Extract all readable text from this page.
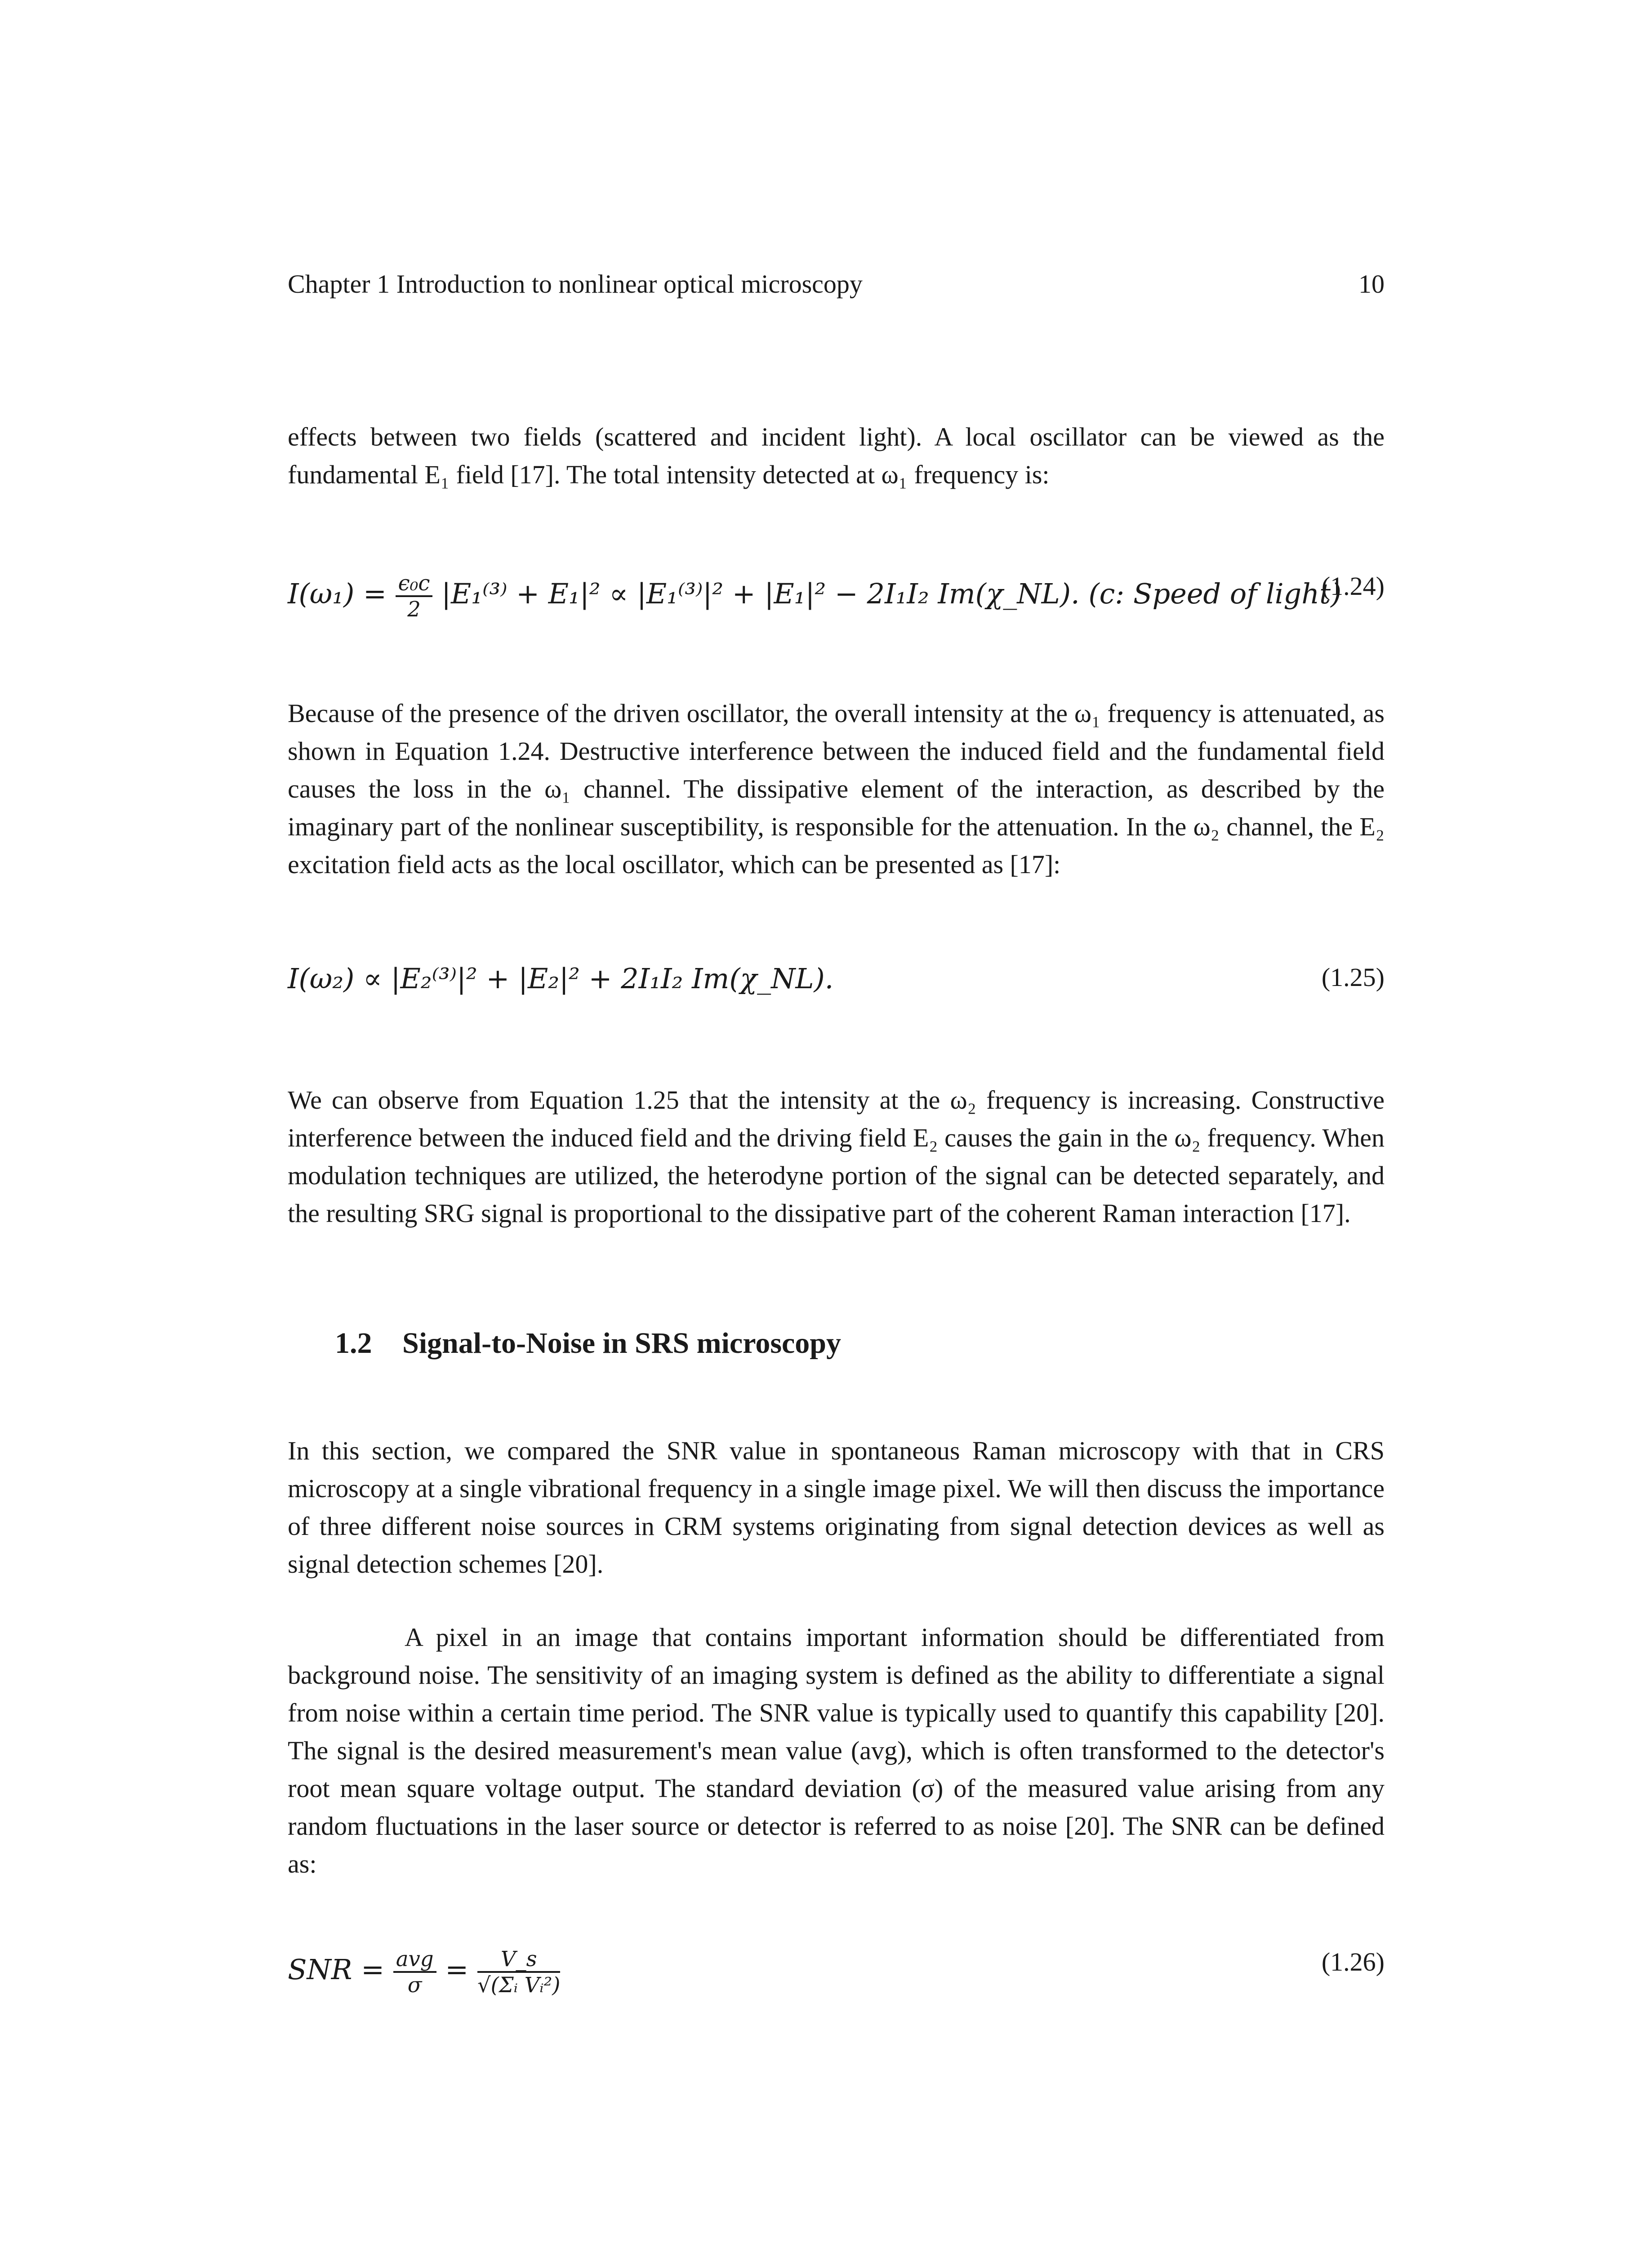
Chapter 1 Introduction to nonlinear optical microscopy	10

effects between two fields (scattered and incident light). A local oscillator can be viewed as the fundamental E₁ field [17]. The total intensity detected at ω₁ frequency is:

$I(\omega_1) = \frac{\text{ϵ₀c}}{2} |E_1^{(3)} + E_1|^2 \propto |E_1^{(3)}|^2 + |E_1|^2 - 2I_1I_2$ Im(χ_NL). (c: Speed of light)
(1.24)

Because of the presence of the driven oscillator, the overall intensity at the ω₁ frequency is attenuated, as shown in Equation 1.24. Destructive interference between the induced field and the fundamental field causes the loss in the ω₁ channel. The dissipative element of the interaction, as described by the imaginary part of the nonlinear susceptibility, is responsible for the attenuation. In the ω₂ channel, the E₂ excitation field acts as the local oscillator, which can be presented as [17]:

I(ω₂) ∝ |E₂⁽³⁾|² + |E₂|² + 2I₁I₂ Im(χ_NL).	(1.25)

We can observe from Equation 1.25 that the intensity at the ω₂ frequency is increasing. Constructive interference between the induced field and the driving field E₂ causes the gain in the ω₂ frequency. When modulation techniques are utilized, the heterodyne portion of the signal can be detected separately, and the resulting SRG signal is proportional to the dissipative part of the coherent Raman interaction [17].

1.2 Signal-to-Noise in SRS microscopy

In this section, we compared the SNR value in spontaneous Raman microscopy with that in CRS microscopy at a single vibrational frequency in a single image pixel. We will then discuss the importance of three different noise sources in CRM systems originating from signal detection devices as well as signal detection schemes [20].

A pixel in an image that contains important information should be differentiated from background noise. The sensitivity of an imaging system is defined as the ability to differentiate a signal from noise within a certain time period. The SNR value is typically used to quantify this capability [20]. The signal is the desired measurement's mean value (avg), which is often transformed to the detector's root mean square voltage output. The standard deviation (σ) of the measured value arising from any random fluctuations in the laser source or detector is referred to as noise [20]. The SNR can be defined as:

SNR = $\frac{\text{avg}}{\sigma} = \frac{V\_s}{\text{√(Σᵢ Vᵢ²)}}$	(1.26)
